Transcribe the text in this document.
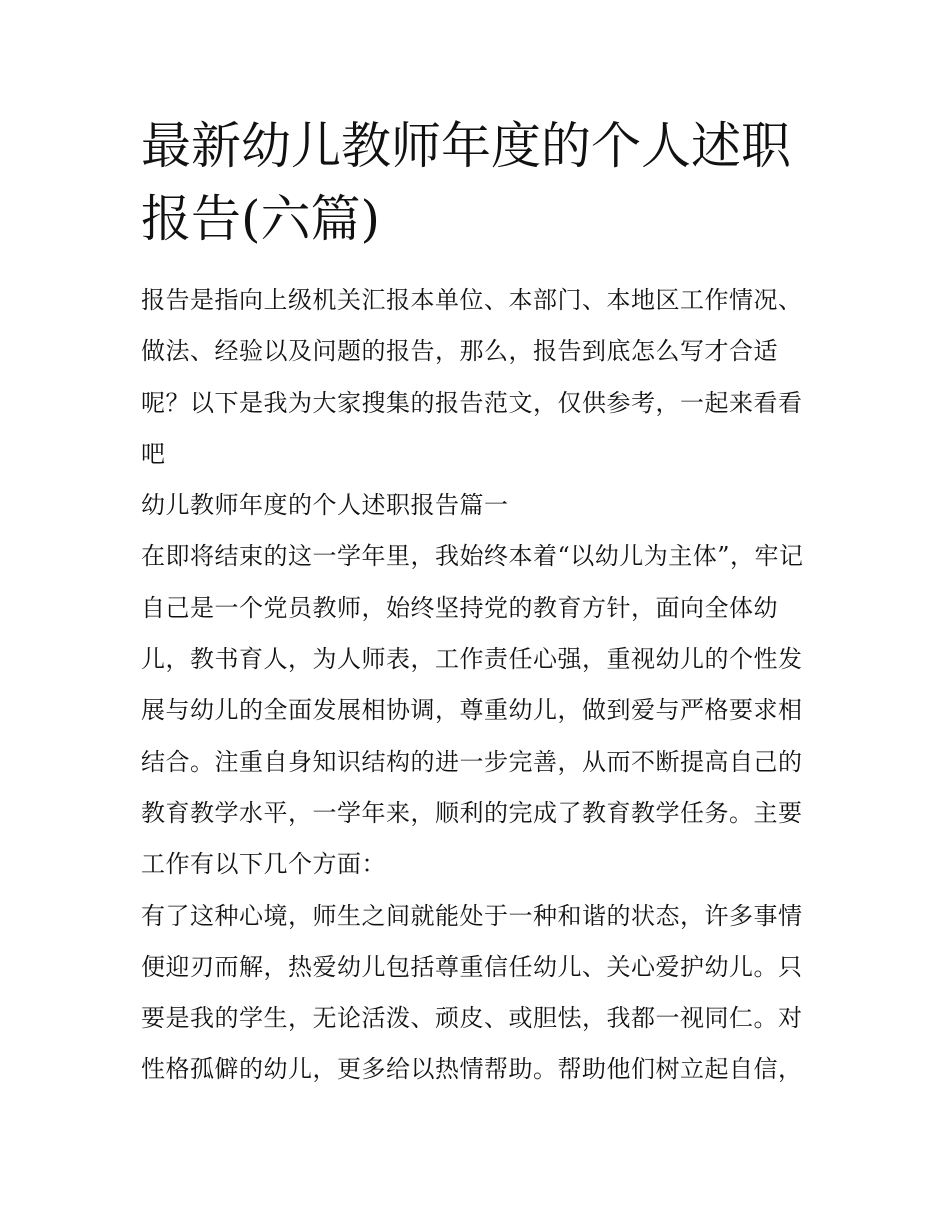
最新幼儿教师年度的个人述职报告(六篇)

报告是指向上级机关汇报本单位、本部门、本地区工作情况、做法、经验以及问题的报告，那么，报告到底怎么写才合适呢？以下是我为大家搜集的报告范文，仅供参考，一起来看看吧

幼儿教师年度的个人述职报告篇一

在即将结束的这一学年里，我始终本着“以幼儿为主体”，牢记自己是一个党员教师，始终坚持党的教育方针，面向全体幼儿，教书育人，为人师表，工作责任心强，重视幼儿的个性发展与幼儿的全面发展相协调，尊重幼儿，做到爱与严格要求相结合。注重自身知识结构的进一步完善，从而不断提高自己的教育教学水平，一学年来，顺利的完成了教育教学任务。主要工作有以下几个方面：

有了这种心境，师生之间就能处于一种和谐的状态，许多事情便迎刃而解，热爱幼儿包括尊重信任幼儿、关心爱护幼儿。只要是我的学生，无论活泼、顽皮、或胆怯，我都一视同仁。对性格孤僻的幼儿，更多给以热情帮助。帮助他们树立起自信，
